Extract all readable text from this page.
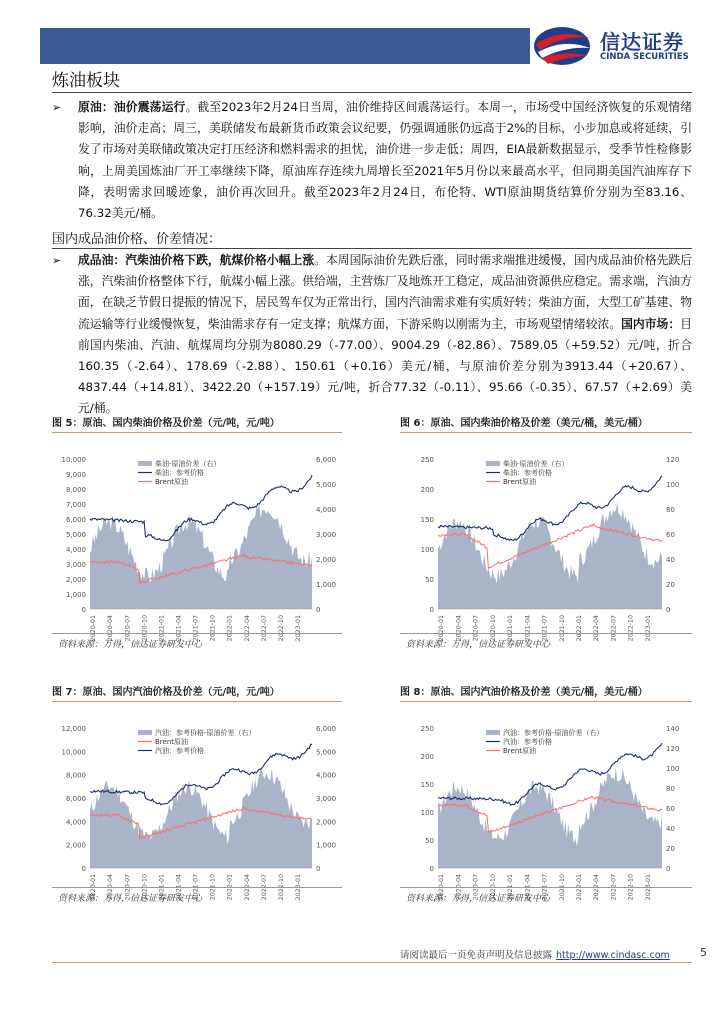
信达证券
CINDA SECURITIES
炼油板块
➢ 原油：油价震荡运行。截至2023年2月24日当周，油价维持区间震荡运行。本周一，市场受中国经济恢复的乐观情绪影响，油价走高；周三，美联储发布最新货币政策会议纪要，仍强调通胀仍远高于2%的目标，小步加息或将延续，引发了市场对美联储政策决定打压经济和燃料需求的担忧，油价进一步走低；周四，EIA最新数据显示，受季节性检修影响，上周美国炼油厂开工率继续下降，原油库存连续九周增长至2021年5月份以来最高水平，但同期美国汽油库存下降，表明需求回暖迹象，油价再次回升。截至2023年2月24日，布伦特、WTI原油期货结算价分别为至83.16、76.32美元/桶。
国内成品油价格、价差情况：
➢ 成品油：汽柴油价格下跌，航煤价格小幅上涨。本周国际油价先跌后涨，同时需求端推进缓慢，国内成品油价格先跌后涨，汽柴油价格整体下行，航煤小幅上涨。供给端，主营炼厂及地炼开工稳定，成品油资源供应稳定。需求端，汽油方面，在缺乏节假日提振的情况下，居民驾车仅为正常出行，国内汽油需求难有实质好转；柴油方面，大型工矿基建、物流运输等行业缓慢恢复，柴油需求存有一定支撑；航煤方面，下游采购以刚需为主，市场观望情绪较浓。国内市场：目前国内柴油、汽油、航煤周均分别为8080.29（-77.00）、9004.29（-82.86）、7589.05（+59.52）元/吨，折合160.35（-2.64）、178.69（-2.88）、150.61（+0.16）美元/桶，与原油价差分别为3913.44（+20.67）、4837.44（+14.81）、3422.20（+157.19）元/吨，折合77.32（-0.11）、95.66（-0.35）、67.57（+2.69）美元/桶。
图 5：原油、国内柴油价格及价差（元/吨，元/吨）
10,000
9,000
8,000
7,000
6,000
5,000
4,000
3,000
2,000
1,000
0
6,000
5,000
4,000
3,000
2,000
1,000
0
2020-01 2020-04 2020-07 2020-10 2021-01 2021-04 2021-07 2021-10 2022-01 2022-04 2022-07 2022-10 2023-01
柴油-原油价差（右）
柴油：参考价格
Brent原油
资料来源：万得，信达证券研发中心
图 6：原油、国内柴油价格及价差（美元/桶，美元/桶）
250
200
150
100
50
0
120
100
80
60
40
20
0
2020-01 2020-04 2020-07 2020-10 2021-01 2021-04 2021-07 2021-10 2022-01 2022-04 2022-07 2022-10 2023-01
柴油-原油价差（右）
柴油：参考价格
Brent原油
资料来源：万得，信达证券研发中心
图 7：原油、国内汽油价格及价差（元/吨，元/吨）
12,000
10,000
8,000
6,000
4,000
2,000
0
6,000
5,000
4,000
3,000
2,000
1,000
0
2020-01 2020-04 2020-07 2020-10 2021-01 2021-04 2021-07 2021-10 2022-01 2022-04 2022-07 2022-10 2023-01
汽油：参考价格-原油价差（右）
Brent原油
汽油：参考价格
资料来源：万得，信达证券研发中心
图 8：原油、国内汽油价格及价差（美元/桶，美元/桶）
250
200
150
100
50
0
140
120
100
80
60
40
20
0
2020-01 2020-04 2020-07 2020-10 2021-01 2021-04 2021-07 2021-10 2022-01 2022-04 2022-07 2022-10 2023-01
汽油：参考价格-原油价差（右）
汽油：参考价格
Brent原油
资料来源：万得，信达证券研发中心
请阅读最后一页免责声明及信息披露 http://www.cindasc.com	5
